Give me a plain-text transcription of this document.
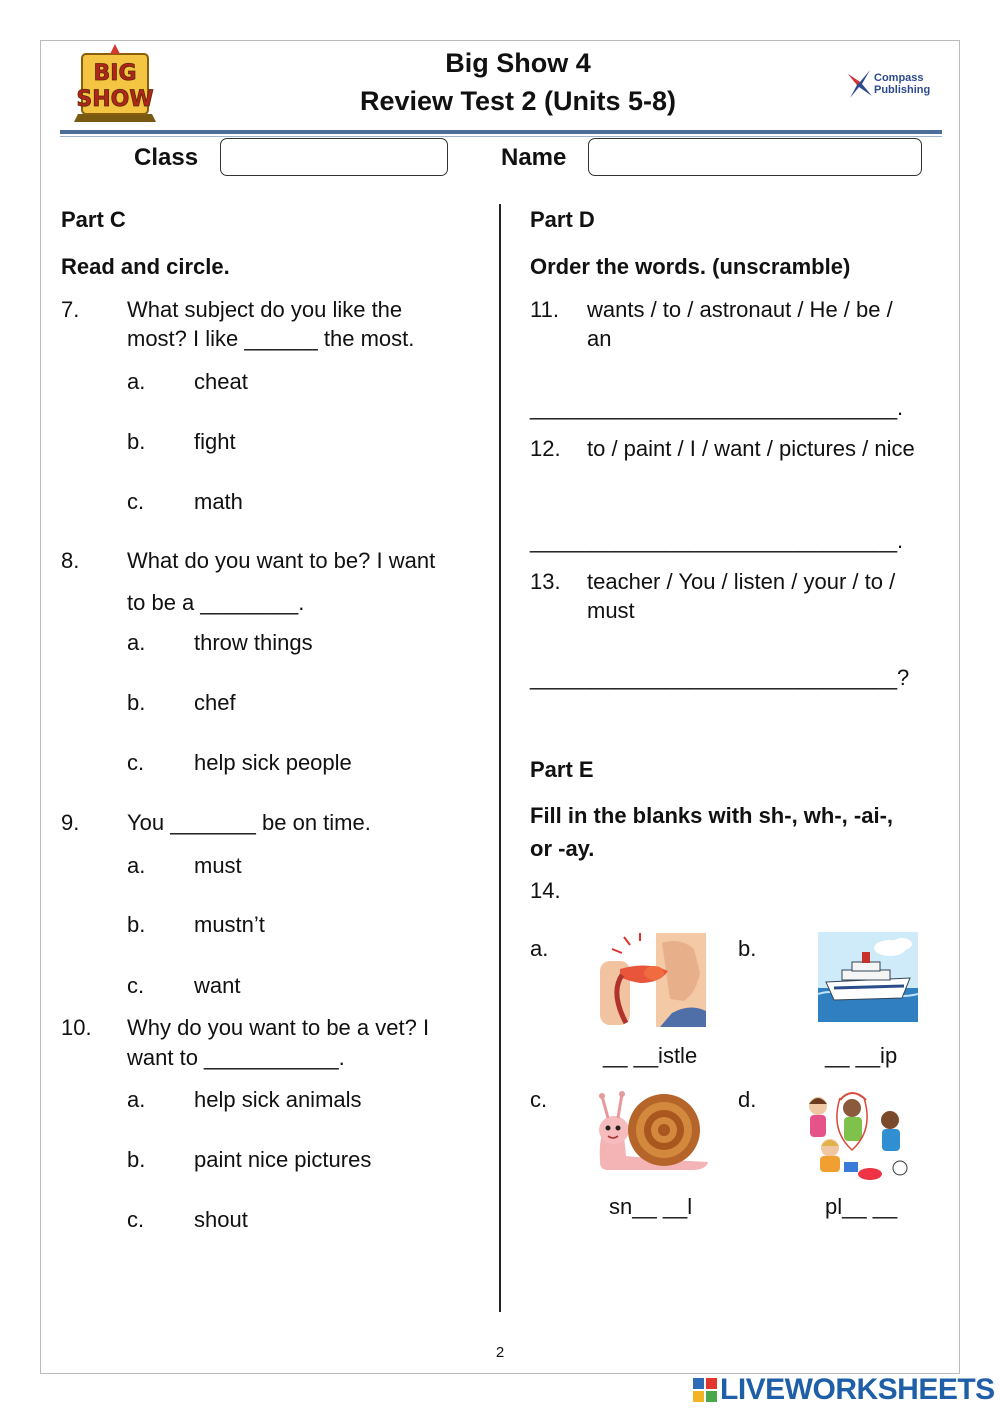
BIG
SHOW
Big Show 4
Review Test 2 (Units 5-8)
Compass
Publishing
Class	Name
Part C
Read and circle.
7. What subject do you like the
most? I like ______ the most.
a. cheat
b. fight
c. math
8. What do you want to be? I want
to be a ________.
a. throw things
b. chef
c. help sick people
9. You _______ be on time.
a. must
b. mustn’t
c. want
10. Why do you want to be a vet? I
want to ___________.
a. help sick animals
b. paint nice pictures
c. shout
Part D
Order the words. (unscramble)
11. wants / to / astronaut / He / be /
an
______________________________.
12. to / paint / I / want / pictures / nice
______________________________.
13. teacher / You / listen / your / to /
must
______________________________?
Part E
Fill in the blanks with sh-, wh-, -ai-,
or -ay.
14.
a.
__ __istle
b.
__ __ip
c.
sn__ __l
d.
pl__ __
2
LIVEWORKSHEETS
